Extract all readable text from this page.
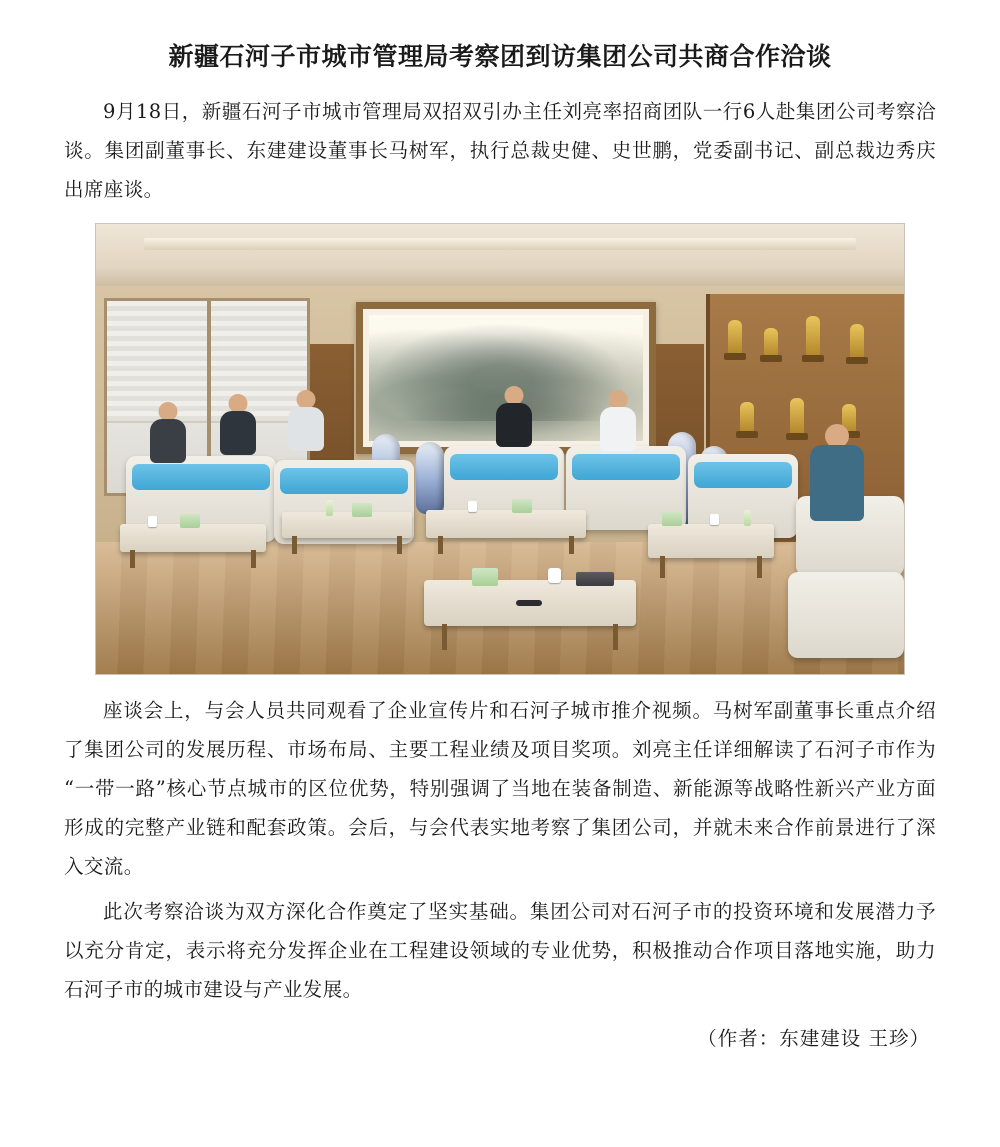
新疆石河子市城市管理局考察团到访集团公司共商合作洽谈

9月18日，新疆石河子市城市管理局双招双引办主任刘亮率招商团队一行6人赴集团公司考察洽谈。集团副董事长、东建建设董事长马树军，执行总裁史健、史世鹏，党委副书记、副总裁边秀庆出席座谈。

座谈会上，与会人员共同观看了企业宣传片和石河子城市推介视频。马树军副董事长重点介绍了集团公司的发展历程、市场布局、主要工程业绩及项目奖项。刘亮主任详细解读了石河子市作为“一带一路”核心节点城市的区位优势，特别强调了当地在装备制造、新能源等战略性新兴产业方面形成的完整产业链和配套政策。会后，与会代表实地考察了集团公司，并就未来合作前景进行了深入交流。

此次考察洽谈为双方深化合作奠定了坚实基础。集团公司对石河子市的投资环境和发展潜力予以充分肯定，表示将充分发挥企业在工程建设领域的专业优势，积极推动合作项目落地实施，助力石河子市的城市建设与产业发展。

（作者：东建建设 王珍）
